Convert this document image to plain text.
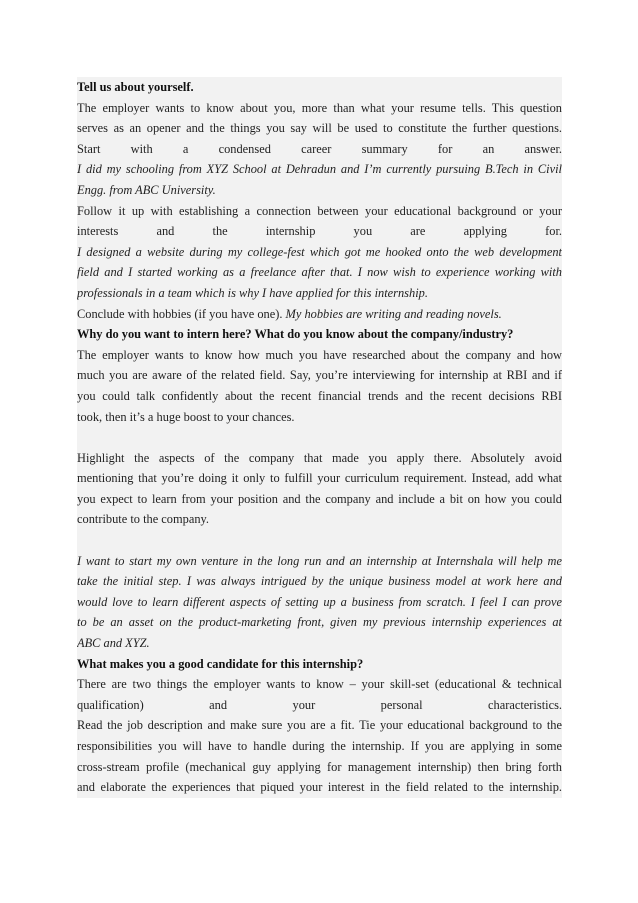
Tell us about yourself.
The employer wants to know about you, more than what your resume tells. This question
serves as an opener and the things you say will be used to constitute the further questions.
Start with a condensed career summary for an answer.
I did my schooling from XYZ School at Dehradun and I’m currently pursuing B.Tech in Civil
Engg. from ABC University.
Follow it up with establishing a connection between your educational background or your
interests and the internship you are applying for.
I designed a website during my college-fest which got me hooked onto the web development
field and I started working as a freelance after that. I now wish to experience working with
professionals in a team which is why I have applied for this internship.
Conclude with hobbies (if you have one). My hobbies are writing and reading novels.
Why do you want to intern here? What do you know about the company/industry?
The employer wants to know how much you have researched about the company and how
much you are aware of the related field. Say, you’re interviewing for internship at RBI and if
you could talk confidently about the recent financial trends and the recent decisions RBI
took, then it’s a huge boost to your chances.
Highlight the aspects of the company that made you apply there. Absolutely avoid
mentioning that you’re doing it only to fulfill your curriculum requirement. Instead, add what
you expect to learn from your position and the company and include a bit on how you could
contribute to the company.
I want to start my own venture in the long run and an internship at Internshala will help me
take the initial step. I was always intrigued by the unique business model at work here and
would love to learn different aspects of setting up a business from scratch. I feel I can prove
to be an asset on the product-marketing front, given my previous internship experiences at
ABC and XYZ.
What makes you a good candidate for this internship?
There are two things the employer wants to know – your skill-set (educational & technical
qualification) and your personal characteristics.
Read the job description and make sure you are a fit. Tie your educational background to the
responsibilities you will have to handle during the internship. If you are applying in some
cross-stream profile (mechanical guy applying for management internship) then bring forth
and elaborate the experiences that piqued your interest in the field related to the internship.
